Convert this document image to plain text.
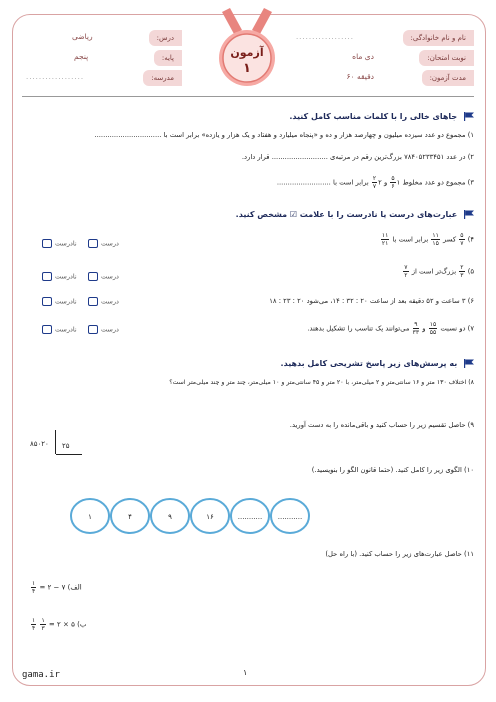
نام و نام خانوادگی:
..................
نوبت امتحان:
دی ماه
مدت آزمون:
۶۰ دقیقه
درس:
ریاضی
پایه:
پنجم
مدرسه:
..................
آزمون
۱
جاهای خالی را با کلمات مناسب کامل کنید.
۱) مجموع دو عدد سیزده میلیون و چهارصد هزار و ده و «پنجاه میلیارد و هفتاد و یک هزار و یازده» برابر است با ...............................
۲) در عدد ۷۸۴۰۵۲۳۳۴۵۱ بزرگ‌ترین رقم در مرتبه‌ی .......................... قرار دارد.
۳) مجموع دو عدد مخلوط ۱
$\frac{۵}{۶}$
و ۲
$\frac{۲}{۷}$
برابر است با .........................
عبارت‌های درست یا نادرست را با علامت ☑ مشخص کنید.
۴)
$\frac{۵}{۷}$
کسر
$\frac{۱۱}{۱۵}$
برابر است با
$\frac{۱۱}{۲۱}$
۵)
$\frac{۲}{۳}$
بزرگ‌تر است از
$\frac{۷}{۲}$
۶) ۳ ساعت و ۵۲ دقیقه بعد از ساعت ۲۰ : ۳۲ : ۱۴، می‌شود ۲۰ : ۲۳ : ۱۸
۷) دو نسبت
$\frac{۱۵}{۵۵}$
و
$\frac{۹}{۳۳}$
می‌توانند یک تناسب را تشکیل بدهند.
درست
نادرست
درست
نادرست
درست
نادرست
درست
نادرست
به پرسش‌های زیر پاسخ تشریحی کامل بدهید.
۸) اختلاف ۱۳۰ متر و ۱۶ سانتی‌متر و ۲ میلی‌متر، با ۲۰ متر و ۴۵ سانتی‌متر و ۱۰ میلی‌متر، چند متر و چند میلی‌متر است؟
۹) حاصل تقسیم زیر را حساب کنید و باقی‌مانده را به دست آورید.
۸۵۰۲۰ ۲۵
۱۰) الگوی زیر را کامل کنید. (حتما قانون الگو را بنویسید.)
۱	۴	۹	۱۶	........... ...........
۱۱) حاصل عبارت‌های زیر را حساب کنید. (با راه حل)
الف) ۷ − ۲ =
$\frac{۱}{۴}$
ب) ۵ × ۲ =
$\frac{۱}{۳}$

$\frac{۱}{۴}$
gama.ir	۱
